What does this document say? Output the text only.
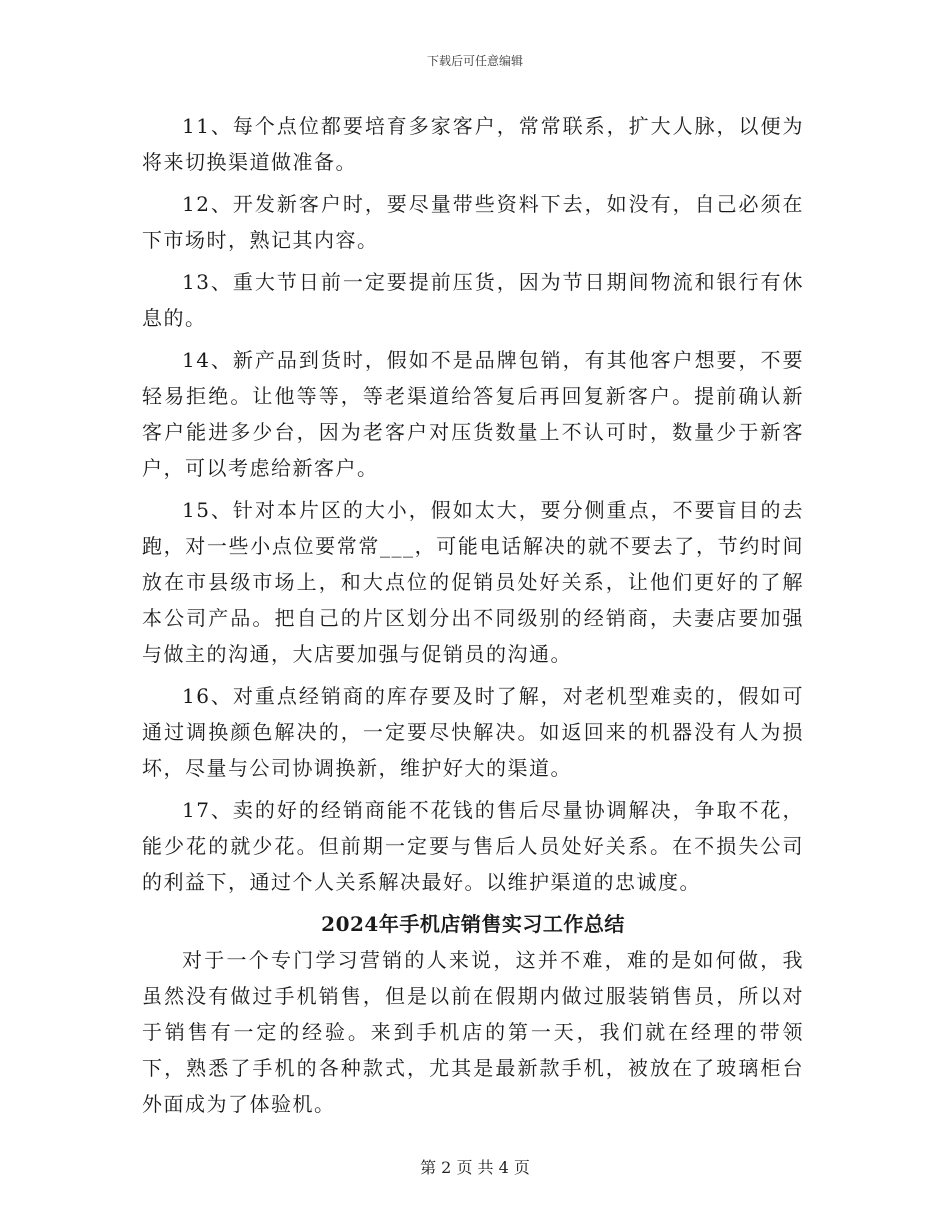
下载后可任意编辑

11、每个点位都要培育多家客户，常常联系，扩大人脉，以便为将来切换渠道做准备。

12、开发新客户时，要尽量带些资料下去，如没有，自己必须在下市场时，熟记其内容。

13、重大节日前一定要提前压货，因为节日期间物流和银行有休息的。

14、新产品到货时，假如不是品牌包销，有其他客户想要，不要轻易拒绝。让他等等，等老渠道给答复后再回复新客户。提前确认新客户能进多少台，因为老客户对压货数量上不认可时，数量少于新客户，可以考虑给新客户。

15、针对本片区的大小，假如太大，要分侧重点，不要盲目的去跑，对一些小点位要常常___，可能电话解决的就不要去了，节约时间放在市县级市场上，和大点位的促销员处好关系，让他们更好的了解本公司产品。把自己的片区划分出不同级别的经销商，夫妻店要加强与做主的沟通，大店要加强与促销员的沟通。

16、对重点经销商的库存要及时了解，对老机型难卖的，假如可通过调换颜色解决的，一定要尽快解决。如返回来的机器没有人为损坏，尽量与公司协调换新，维护好大的渠道。

17、卖的好的经销商能不花钱的售后尽量协调解决，争取不花，能少花的就少花。但前期一定要与售后人员处好关系。在不损失公司的利益下，通过个人关系解决最好。以维护渠道的忠诚度。

2024年手机店销售实习工作总结

对于一个专门学习营销的人来说，这并不难，难的是如何做，我虽然没有做过手机销售，但是以前在假期内做过服装销售员，所以对于销售有一定的经验。来到手机店的第一天，我们就在经理的带领下，熟悉了手机的各种款式，尤其是最新款手机，被放在了玻璃柜台外面成为了体验机。

第 2 页 共 4 页
